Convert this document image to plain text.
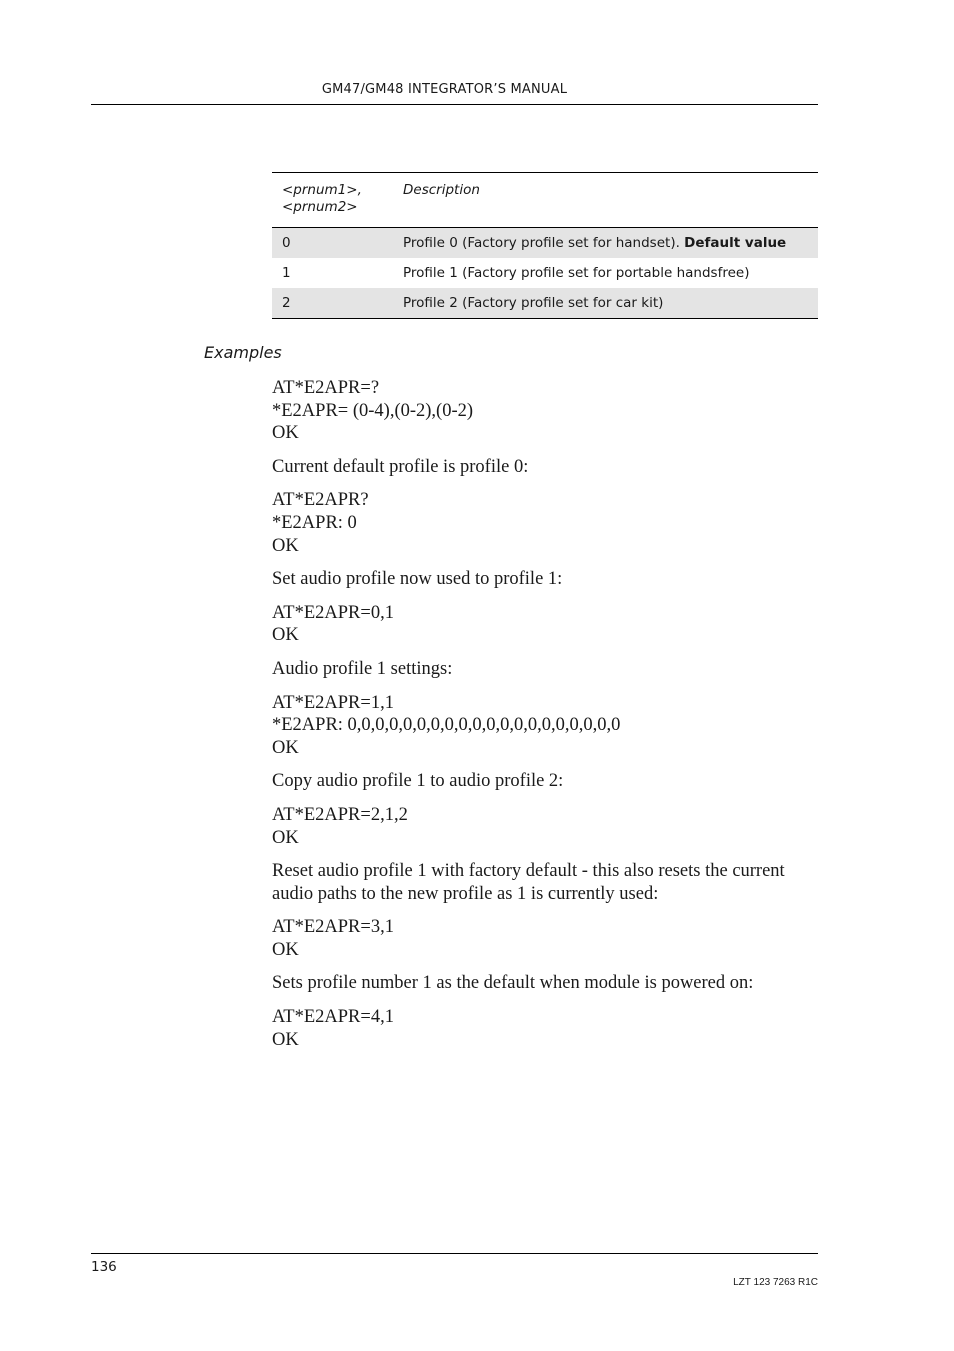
GM47/GM48 INTEGRATOR’S MANUAL
<prnum1>,
<prnum2>	Description
0	Profile 0 (Factory profile set for handset). Default value
1	Profile 1 (Factory profile set for portable handsfree)
2	Profile 2 (Factory profile set for car kit)
Examples

AT*E2APR=?
*E2APR= (0-4),(0-2),(0-2)
OK

Current default profile is profile 0:

AT*E2APR?
*E2APR: 0
OK

Set audio profile now used to profile 1:

AT*E2APR=0,1
OK

Audio profile 1 settings:

AT*E2APR=1,1
*E2APR: 0,0,0,0,0,0,0,0,0,0,0,0,0,0,0,0,0,0,0,0
OK

Copy audio profile 1 to audio profile 2:

AT*E2APR=2,1,2
OK

Reset audio profile 1 with factory default - this also resets the current audio paths to the new profile as 1 is currently used:

AT*E2APR=3,1
OK

Sets profile number 1 as the default when module is powered on:

AT*E2APR=4,1
OK

136
LZT 123 7263 R1C
